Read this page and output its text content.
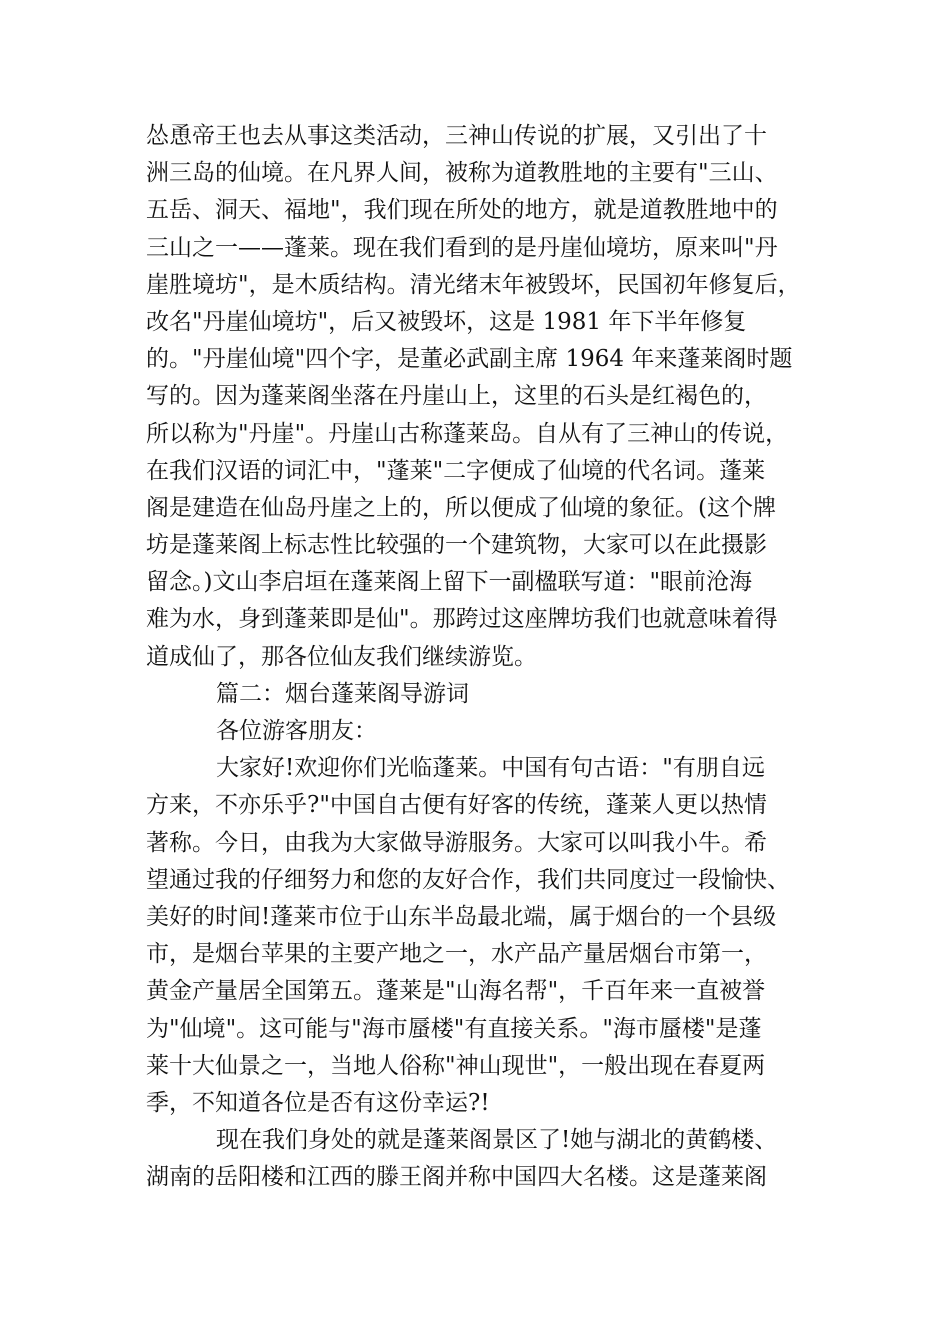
怂恿帝王也去从事这类活动，三神山传说的扩展，又引出了十
洲三岛的仙境。在凡界人间，被称为道教胜地的主要有"三山、
五岳、洞天、福地"，我们现在所处的地方，就是道教胜地中的
三山之一——蓬莱。现在我们看到的是丹崖仙境坊，原来叫"丹
崖胜境坊"，是木质结构。清光绪末年被毁坏，民国初年修复后，
改名"丹崖仙境坊"，后又被毁坏，这是 1981 年下半年修复
的。"丹崖仙境"四个字，是董必武副主席 1964 年来蓬莱阁时题
写的。因为蓬莱阁坐落在丹崖山上，这里的石头是红褐色的，
所以称为"丹崖"。丹崖山古称蓬莱岛。自从有了三神山的传说，
在我们汉语的词汇中，"蓬莱"二字便成了仙境的代名词。蓬莱
阁是建造在仙岛丹崖之上的，所以便成了仙境的象征。(这个牌
坊是蓬莱阁上标志性比较强的一个建筑物，大家可以在此摄影
留念。)文山李启垣在蓬莱阁上留下一副楹联写道："眼前沧海
难为水，身到蓬莱即是仙"。那跨过这座牌坊我们也就意味着得
道成仙了，那各位仙友我们继续游览。
篇二：烟台蓬莱阁导游词
各位游客朋友：
大家好!欢迎你们光临蓬莱。中国有句古语："有朋自远
方来，不亦乐乎?"中国自古便有好客的传统，蓬莱人更以热情
著称。今日，由我为大家做导游服务。大家可以叫我小牛。希
望通过我的仔细努力和您的友好合作，我们共同度过一段愉快、
美好的时间!蓬莱市位于山东半岛最北端，属于烟台的一个县级
市，是烟台苹果的主要产地之一，水产品产量居烟台市第一，
黄金产量居全国第五。蓬莱是"山海名帮"，千百年来一直被誉
为"仙境"。这可能与"海市蜃楼"有直接关系。"海市蜃楼"是蓬
莱十大仙景之一，当地人俗称"神山现世"，一般出现在春夏两
季，不知道各位是否有这份幸运?!
现在我们身处的就是蓬莱阁景区了!她与湖北的黄鹤楼、
湖南的岳阳楼和江西的滕王阁并称中国四大名楼。这是蓬莱阁
